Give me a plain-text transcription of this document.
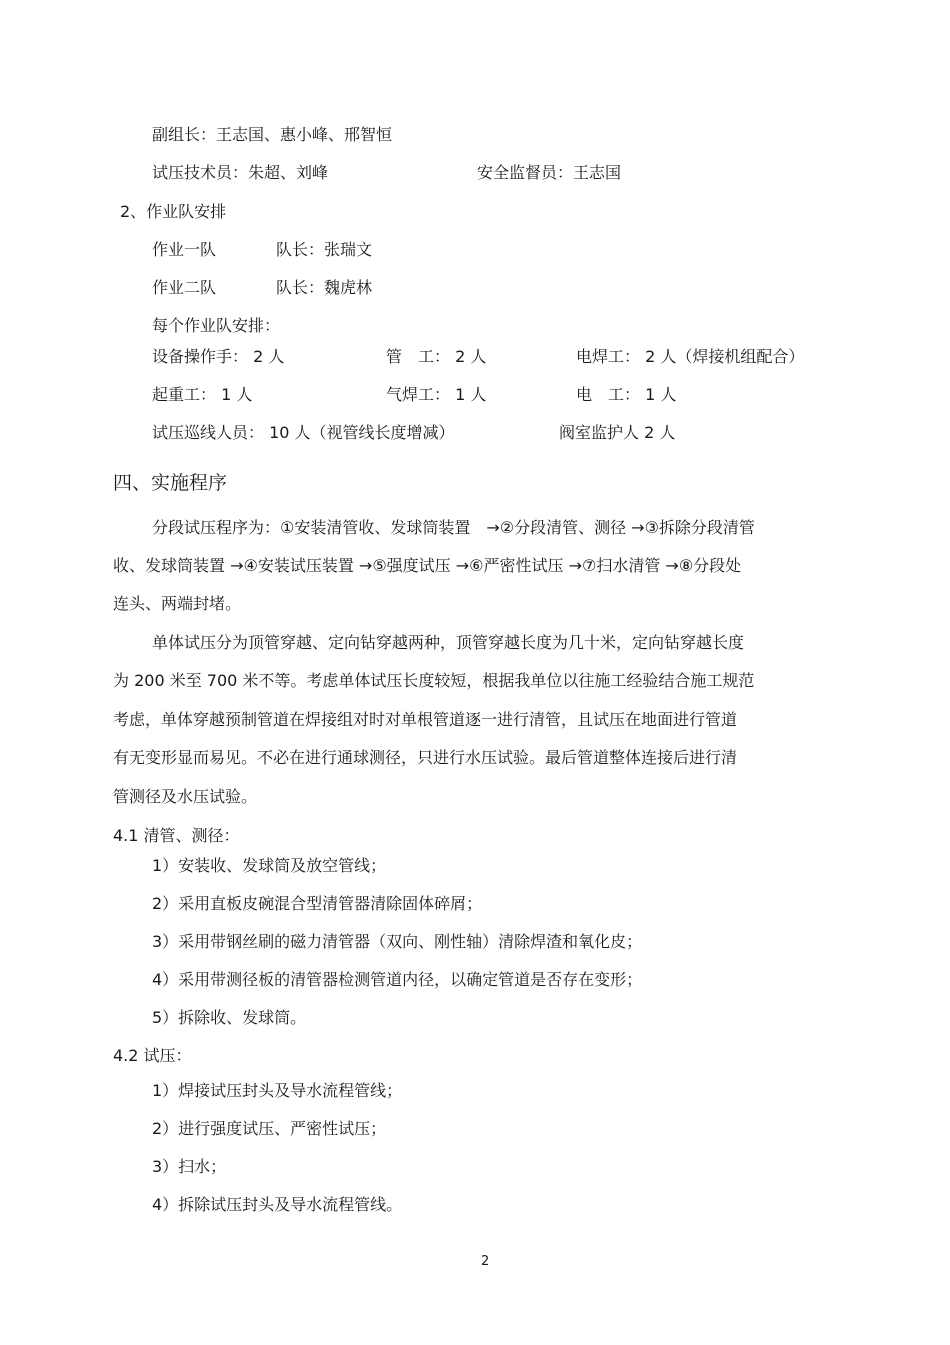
副组长：王志国、惠小峰、邢智恒
试压技术员：朱超、刘峰	安全监督员：王志国
2、作业队安排
作业一队	队长：张瑞文
作业二队	队长：魏虎林
每个作业队安排：
设备操作手： 2 人	管　工： 2 人	电焊工： 2 人（焊接机组配合）
起重工： 1 人	气焊工： 1 人	电　工： 1 人
试压巡线人员： 10 人（视管线长度增减）	阀室监护人 2 人
四、实施程序
分段试压程序为：①安装清管收、发球筒装置　→②分段清管、测径 →③拆除分段清管
收、发球筒装置 →④安装试压装置 →⑤强度试压 →⑥严密性试压 →⑦扫水清管 →⑧分段处
连头、两端封堵。
单体试压分为顶管穿越、定向钻穿越两种，顶管穿越长度为几十米，定向钻穿越长度
为 200 米至 700 米不等。考虑单体试压长度较短，根据我单位以往施工经验结合施工规范
考虑，单体穿越预制管道在焊接组对时对单根管道逐一进行清管，且试压在地面进行管道
有无变形显而易见。不必在进行通球测径，只进行水压试验。最后管道整体连接后进行清
管测径及水压试验。
4.1 清管、测径：
1）安装收、发球筒及放空管线；
2）采用直板皮碗混合型清管器清除固体碎屑；
3）采用带钢丝刷的磁力清管器（双向、刚性轴）清除焊渣和氧化皮；
4）采用带测径板的清管器检测管道内径，以确定管道是否存在变形；
5）拆除收、发球筒。
4.2 试压：
1）焊接试压封头及导水流程管线；
2）进行强度试压、严密性试压；
3）扫水；
4）拆除试压封头及导水流程管线。
2
